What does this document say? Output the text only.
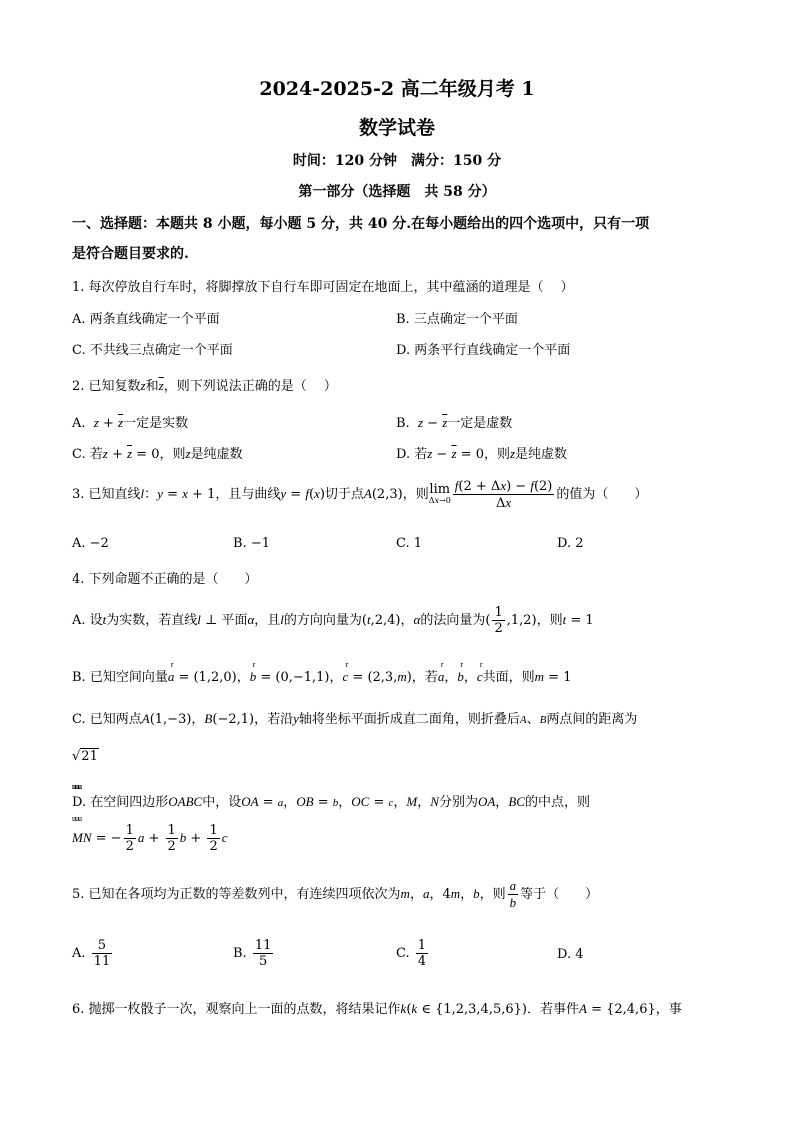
2024-2025-2 高二年级月考 1
数学试卷
时间：120 分钟　满分：150 分
第一部分（选择题　共 58 分）
一、选择题：本题共 8 小题，每小题 5 分，共 40 分.在每小题给出的四个选项中，只有一项
是符合题目要求的.
1. 每次停放自行车时，将脚撑放下自行车即可固定在地面上，其中蕴涵的道理是（　 ）
A. 两条直线确定一个平面	B. 三点确定一个平面
C. 不共线三点确定一个平面	D. 两条平行直线确定一个平面
2. 已知复数z和$\overline{z}$，则下列说法正确的是（　 ）
A.  $z + \overline{z}$一定是实数	B.  $z - \overline{z}$一定是虚数
C. 若$z + \overline{z} = 0$，则z是纯虚数	D. 若$z - \overline{z} = 0$，则z是纯虚数
3. 已知直线l：y = x + 1，且与曲线y = f(x)切于点A(2,3)，则 lim
$\Delta x\to 0 \frac{f(2 + \Delta x) - f(2)}{\Delta x}$ 的值为（　　）
A. −2	B. −1	C. 1	D. 2
4. 下列命题不正确的是（　　）
A. 设t为实数，若直线l ⊥ 平面α，且l的方向向量为(t,2,4)，α的法向量为( $\frac{1}{2} ,1,2$)，则t = 1
B. 已知空间向量r a = (1,2,0)，r b = (0,−1,1)，r c = (2,3,m)，若r a，r b，r c共面，则m = 1
C. 已知两点A(1,−3)，B(−2,1)，若沿y轴将坐标平面折成直二面角，则折叠后A、B两点间的距离为
√21
D. 在空间四边形OABC中，设uuu OA = a，uuu OB = b，uuu OC = c，M，N分别为OA，BC的中点，则
uuu MN = − $\frac{1}{2}$ $a + \frac{1}{2}$ $b + \frac{1}{2}$ c
5. 已知在各项均为正数的等差数列中，有连续四项依次为m，a，4m，b，则 $\frac{a}{b}$ 等于（　　）
A. $\frac{5}{11}$	B. $\frac{11}{5}$	C. $\frac{1}{4}$	D. 4
6. 抛掷一枚骰子一次，观察向上一面的点数，将结果记作k(k ∈ {1,2,3,4,5,6})．若事件A = {2,4,6}，事
